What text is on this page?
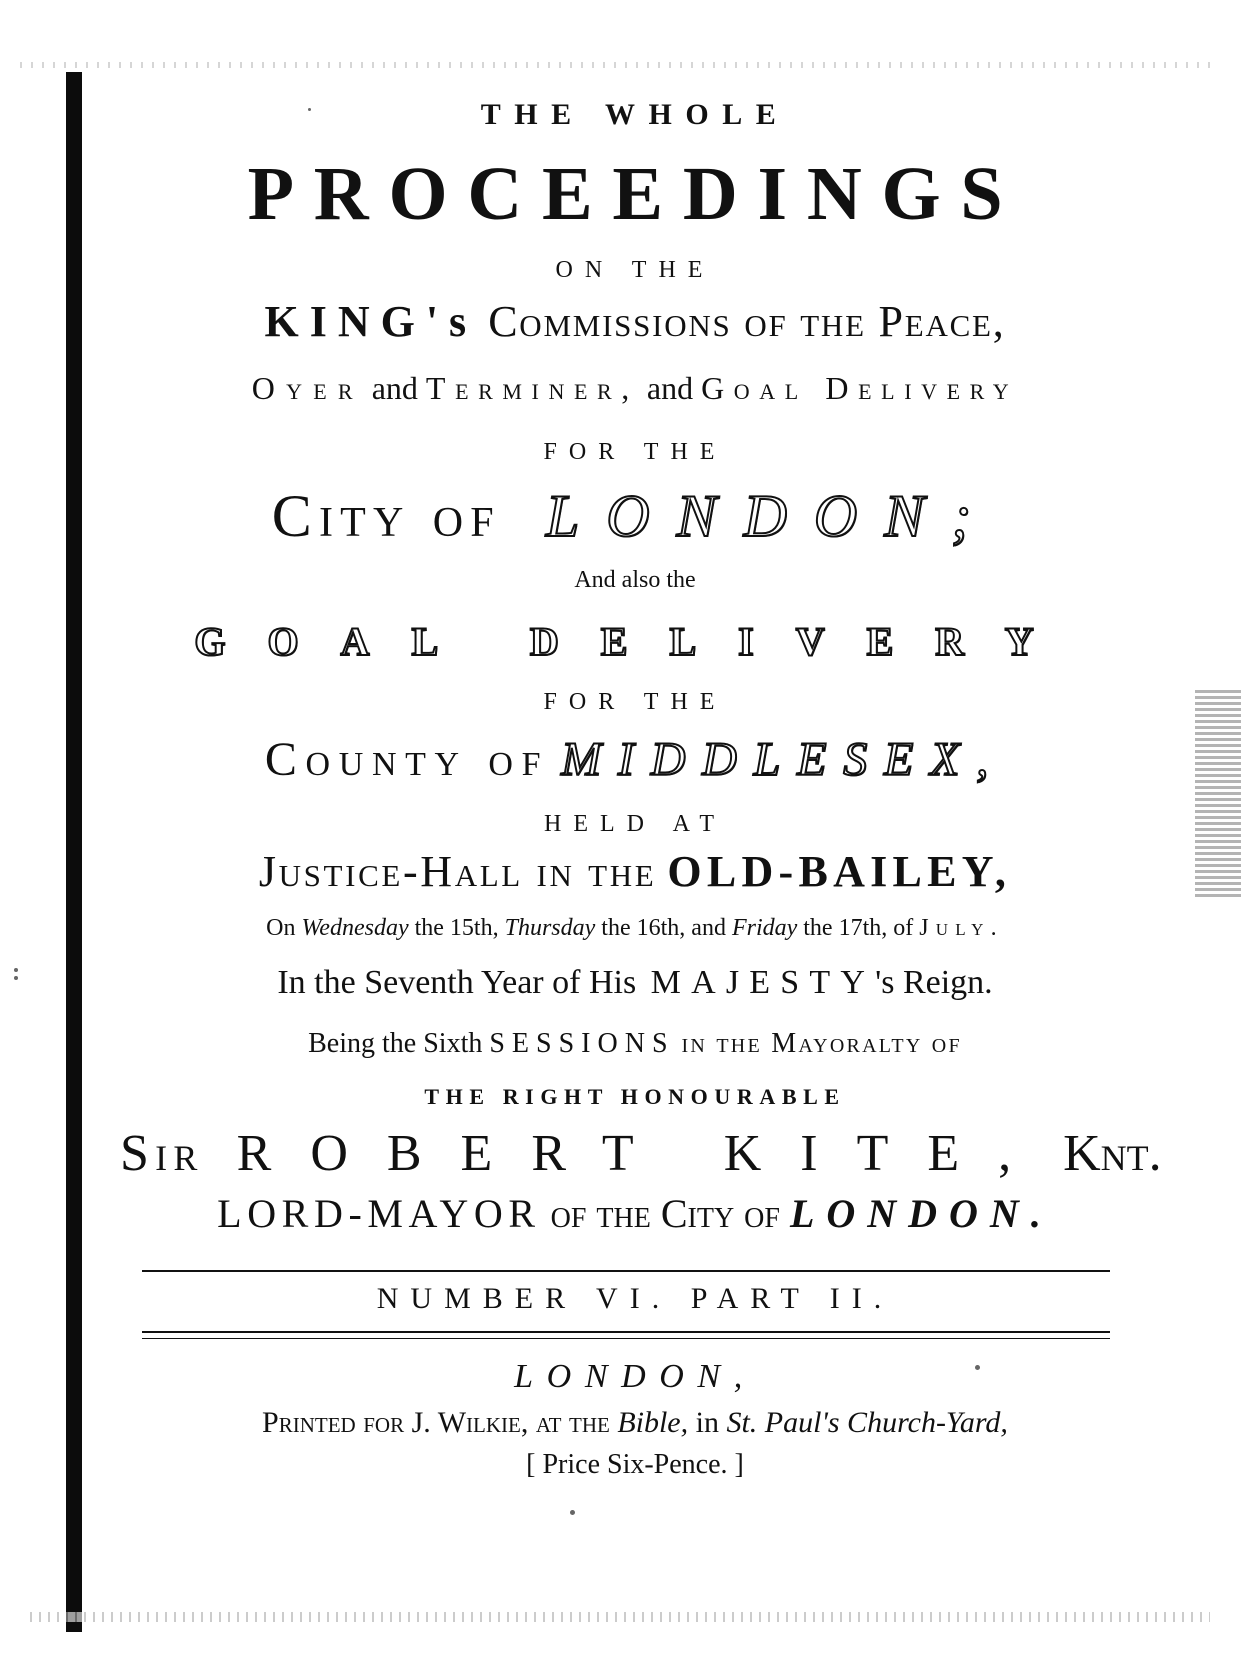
THE WHOLE
PROCEEDINGS
ON THE
KING's Commissions of the Peace,
Oyer and Terminer, and Goal Delivery
FOR THE
City of LONDON;
And also the
GOAL DELIVERY
FOR THE
County of MIDDLESEX,
HELD AT
Justice-Hall in the OLD-BAILEY,
On Wednesday the 15th, Thursday the 16th, and Friday the 17th, of July.
In the Seventh Year of His MAJESTY's Reign.
Being the Sixth SESSIONS in the Mayoralty of
THE RIGHT HONOURABLE
Sir ROBERT KITE, Knt.
LORD-MAYOR of the City of LONDON.
NUMBER VI. PART II.
LONDON,
Printed for J. Wilkie, at the Bible, in St. Paul's Church-Yard,
[ Price Six-Pence. ]
